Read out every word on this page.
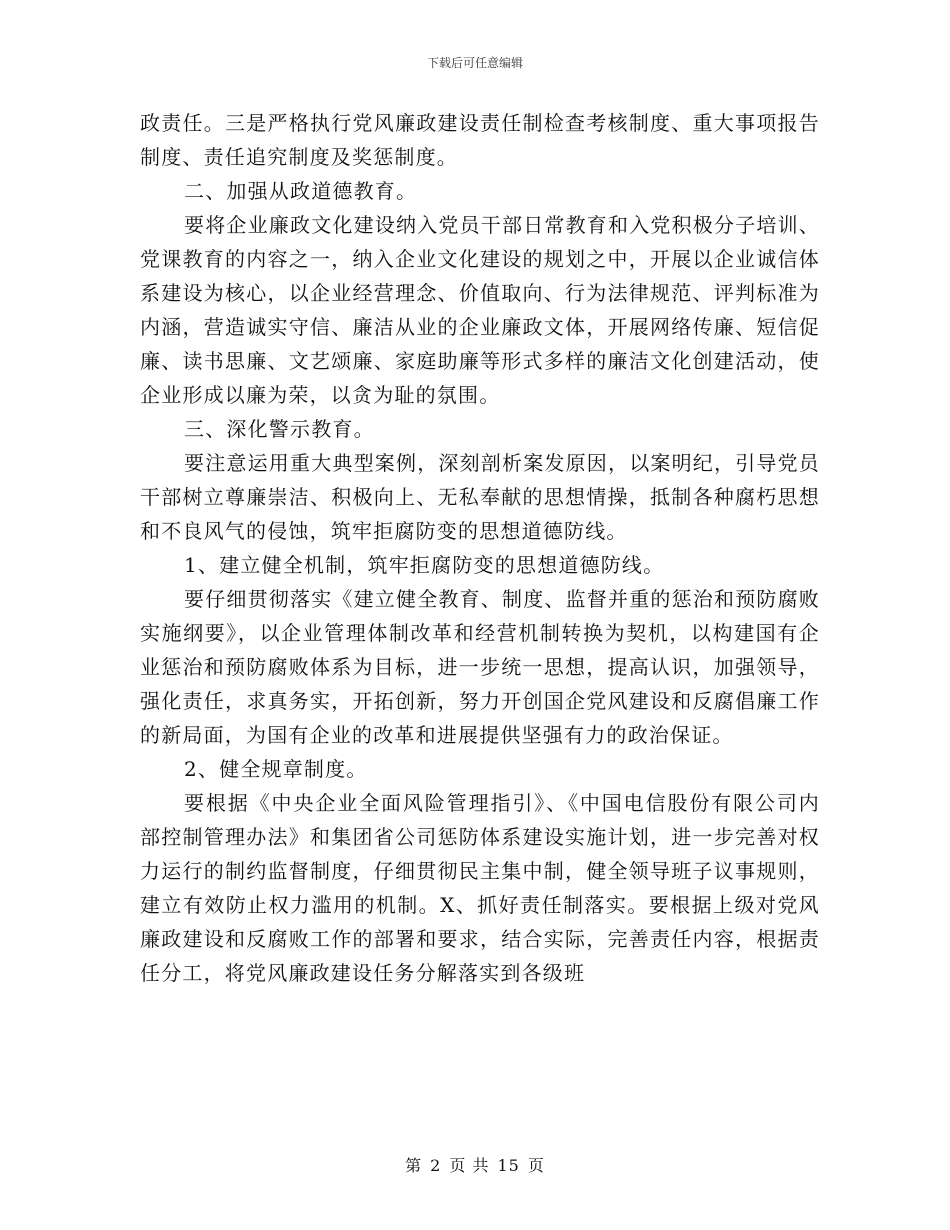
下载后可任意编辑

政责任。三是严格执行党风廉政建设责任制检查考核制度、重大事项报告制度、责任追究制度及奖惩制度。

二、加强从政道德教育。

要将企业廉政文化建设纳入党员干部日常教育和入党积极分子培训、党课教育的内容之一，纳入企业文化建设的规划之中，开展以企业诚信体系建设为核心，以企业经营理念、价值取向、行为法律规范、评判标准为内涵，营造诚实守信、廉洁从业的企业廉政文体，开展网络传廉、短信促廉、读书思廉、文艺颂廉、家庭助廉等形式多样的廉洁文化创建活动，使企业形成以廉为荣，以贪为耻的氛围。

三、深化警示教育。

要注意运用重大典型案例，深刻剖析案发原因，以案明纪，引导党员干部树立尊廉崇洁、积极向上、无私奉献的思想情操，抵制各种腐朽思想和不良风气的侵蚀，筑牢拒腐防变的思想道德防线。

1、建立健全机制，筑牢拒腐防变的思想道德防线。

要仔细贯彻落实《建立健全教育、制度、监督并重的惩治和预防腐败实施纲要》，以企业管理体制改革和经营机制转换为契机，以构建国有企业惩治和预防腐败体系为目标，进一步统一思想，提高认识，加强领导，强化责任，求真务实，开拓创新，努力开创国企党风建设和反腐倡廉工作的新局面，为国有企业的改革和进展提供坚强有力的政治保证。

2、健全规章制度。

要根据《中央企业全面风险管理指引》、《中国电信股份有限公司内部控制管理办法》和集团省公司惩防体系建设实施计划，进一步完善对权力运行的制约监督制度，仔细贯彻民主集中制，健全领导班子议事规则，建立有效防止权力滥用的机制。X、抓好责任制落实。要根据上级对党风廉政建设和反腐败工作的部署和要求，结合实际，完善责任内容，根据责任分工，将党风廉政建设任务分解落实到各级班

第 2 页 共 15 页
